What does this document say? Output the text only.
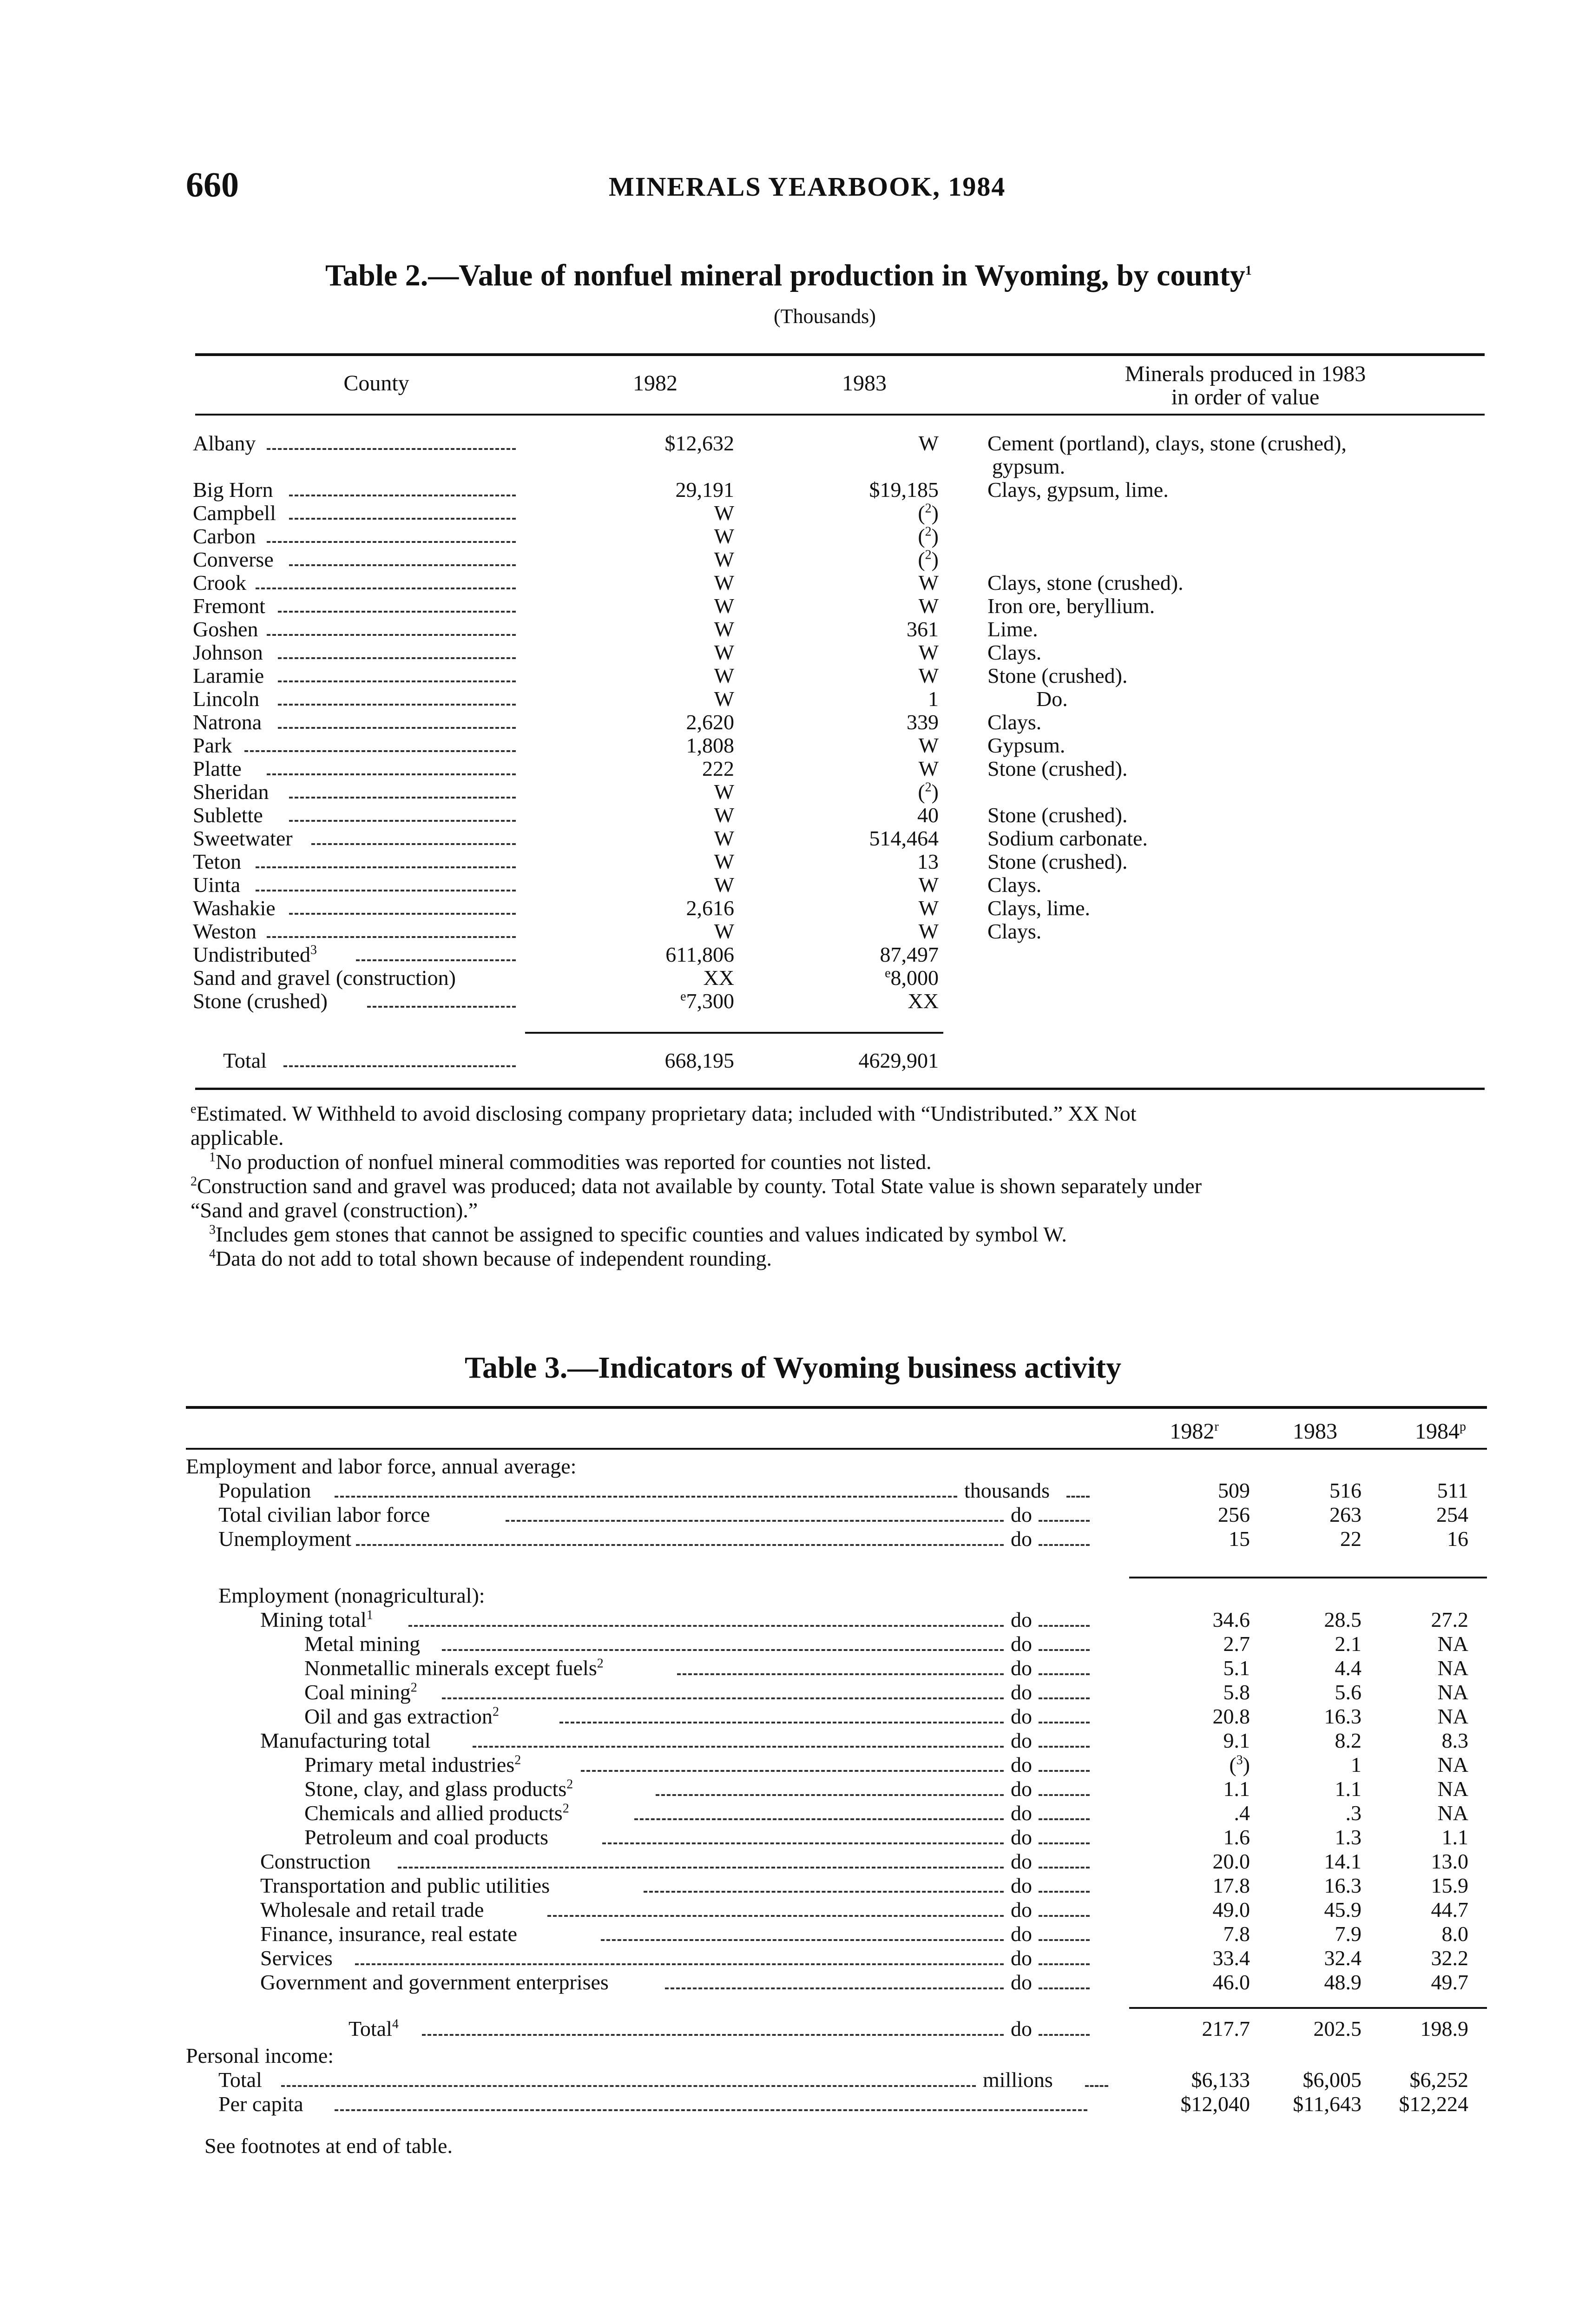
660	MINERALS YEARBOOK, 1984
Table 2.—Value of nonfuel mineral production in Wyoming, by county$^1$
(Thousands)
County	1982	1983	Minerals produced in 1983
in order of value
Albany	$12,632	W Cement (portland), clays, stone (crushed),
gypsum.
Big Horn	29,191	$19,185 Clays, gypsum, lime.
Campbell	W	($^2$)
Carbon	W	($^2$)
Converse	W	($^2$)
Crook	W	W Clays, stone (crushed).
Fremont	W	W Iron ore, beryllium.
Goshen	W	361 Lime.
Johnson	W	W Clays.
Laramie	W	W Stone (crushed).
Lincoln	W	1	Do.
Natrona	2,620	339 Clays.
Park	1,808	W Gypsum.
Platte	222	W Stone (crushed).
Sheridan	W	($^2$)
Sublette	W	40 Stone (crushed).
Sweetwater	W	514,464 Sodium carbonate.
Teton	W	13 Stone (crushed).
Uinta	W	W Clays.
Washakie	2,616	W Clays, lime.
Weston	W	W Clays.
Undistributed$^3$	611,806	87,497
Sand and gravel (construction)	XX	$^e$8,000
Stone (crushed)	$^e$7,300	XX
Total	668,195	4629,901
$^e$Estimated. W Withheld to avoid disclosing company proprietary data; included with “Undistributed.” XX Not
applicable.
$^1$No production of nonfuel mineral commodities was reported for counties not listed.
$^2$Construction sand and gravel was produced; data not available by county. Total State value is shown separately under
“Sand and gravel (construction).”
$^3$Includes gem stones that cannot be assigned to specific counties and values indicated by symbol W.
$^4$Data do not add to total shown because of independent rounding.
Table 3.—Indicators of Wyoming business activity
1982$^r$	1983	1984$^p$
Employment and labor force, annual average:
Population	thousands	509	516	511
Total civilian labor force	do	256	263	254
Unemployment	do	15	22	16
Employment (nonagricultural):
Mining total$^1$	do	34.6	28.5	27.2
Metal mining	do	2.7	2.1	NA
Nonmetallic minerals except fuels$^2$	do	5.1	4.4	NA
Coal mining$^2$	do	5.8	5.6	NA
Oil and gas extraction$^2$	do	20.8	16.3	NA
Manufacturing total	do	9.1	8.2	8.3
Primary metal industries$^2$	do	($^3$)	1	NA
Stone, clay, and glass products$^2$	do	1.1	1.1	NA
Chemicals and allied products$^2$	do	.4	.3	NA
Petroleum and coal products	do	1.6	1.3	1.1
Construction	do	20.0	14.1	13.0
Transportation and public utilities	do	17.8	16.3	15.9
Wholesale and retail trade	do	49.0	45.9	44.7
Finance, insurance, real estate	do	7.8	7.9	8.0
Services	do	33.4	32.4	32.2
Government and government enterprises	do	46.0	48.9	49.7
Total$^4$	do	217.7	202.5	198.9
Personal income:
Total	millions	$6,133	$6,005	$6,252
Per capita	$12,040	$11,643	$12,224
See footnotes at end of table.
